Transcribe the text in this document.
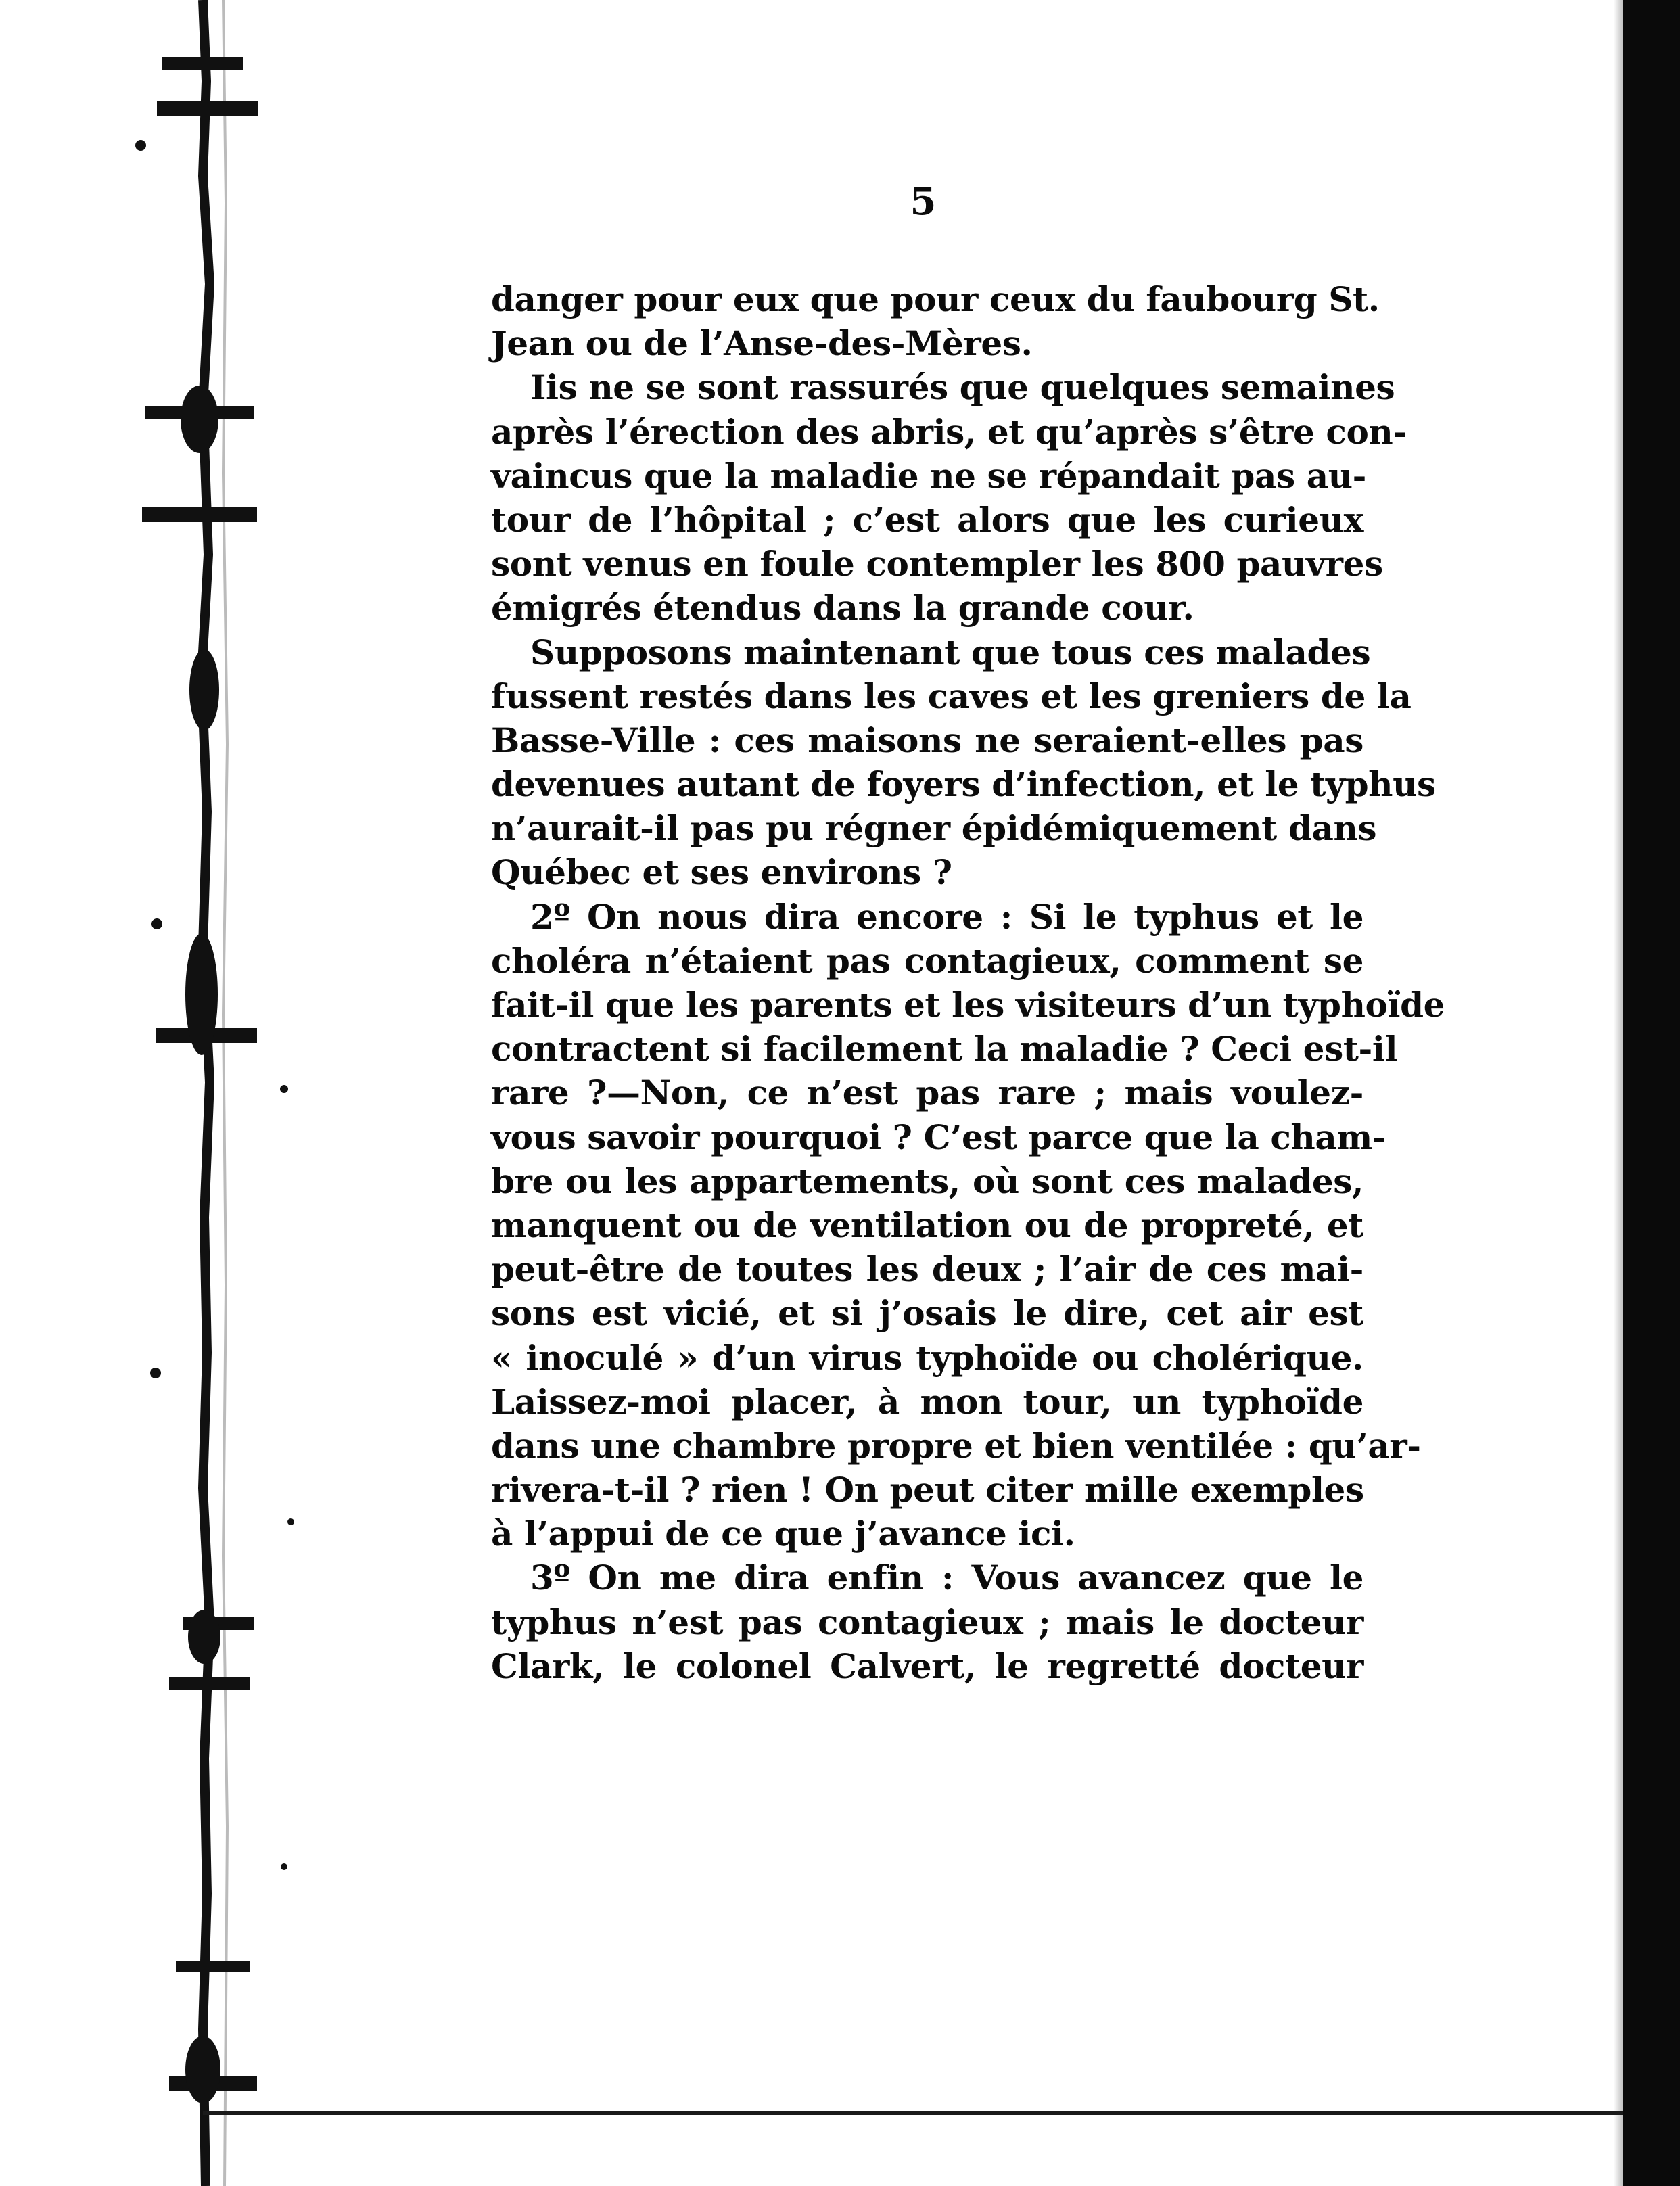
5
danger pour eux que pour ceux du faubourg St.
Jean ou de l’Anse-des-Mères.
Iis ne se sont rassurés que quelques semaines
après l’érection des abris, et qu’après s’être con-
vaincus que la maladie ne se répandait pas au-
tour de l’hôpital ; c’est alors que les curieux
sont venus en foule contempler les 800 pauvres
émigrés étendus dans la grande cour.
Supposons maintenant que tous ces malades
fussent restés dans les caves et les greniers de la
Basse-Ville : ces maisons ne seraient-elles pas
devenues autant de foyers d’infection, et le typhus
n’aurait-il pas pu régner épidémiquement dans
Québec et ses environs ?
2º On nous dira encore : Si le typhus et le
choléra n’étaient pas contagieux, comment se
fait-il que les parents et les visiteurs d’un typhoïde
contractent si facilement la maladie ? Ceci est-il
rare ?—Non, ce n’est pas rare ; mais voulez-
vous savoir pourquoi ? C’est parce que la cham-
bre ou les appartements, où sont ces malades,
manquent ou de ventilation ou de propreté, et
peut-être de toutes les deux ; l’air de ces mai-
sons est vicié, et si j’osais le dire, cet air est
« inoculé » d’un virus typhoïde ou cholérique.
Laissez-moi placer, à mon tour, un typhoïde
dans une chambre propre et bien ventilée : qu’ar-
rivera-t-il ? rien ! On peut citer mille exemples
à l’appui de ce que j’avance ici.
3º On me dira enfin : Vous avancez que le
typhus n’est pas contagieux ; mais le docteur
Clark, le colonel Calvert, le regretté docteur
